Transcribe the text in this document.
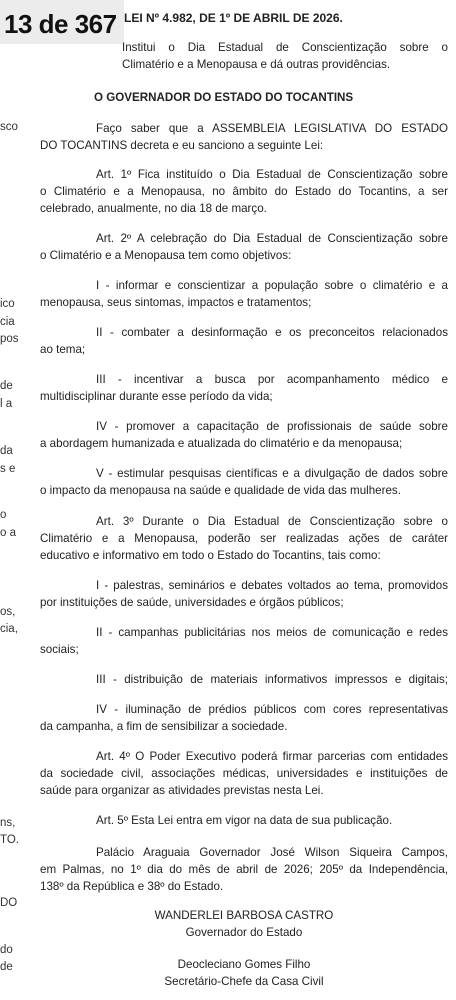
13 de 367 LEI Nº 4.982, DE 1º DE ABRIL DE 2026.
sco
ico
cia
pos
de
l a
da
s e
o
o a
os,
cia,
ns,
TO.
DO
do
de
Institui o Dia Estadual de Conscientização sobre o
Climatério e a Menopausa e dá outras providências.
O GOVERNADOR DO ESTADO DO TOCANTINS
Faço saber que a ASSEMBLEIA LEGISLATIVA DO ESTADO
DO TOCANTINS decreta e eu sanciono a seguinte Lei:
Art. 1º Fica instituído o Dia Estadual de Conscientização sobre
o Climatério e a Menopausa, no âmbito do Estado do Tocantins, a ser
celebrado, anualmente, no dia 18 de março.
Art. 2º A celebração do Dia Estadual de Conscientização sobre
o Climatério e a Menopausa tem como objetivos:
I - informar e conscientizar a população sobre o climatério e a
menopausa, seus sintomas, impactos e tratamentos;
II - combater a desinformação e os preconceitos relacionados
ao tema;
III - incentivar a busca por acompanhamento médico e
multidisciplinar durante esse período da vida;
IV - promover a capacitação de profissionais de saúde sobre
a abordagem humanizada e atualizada do climatério e da menopausa;
V - estimular pesquisas científicas e a divulgação de dados sobre
o impacto da menopausa na saúde e qualidade de vida das mulheres.
Art. 3º Durante o Dia Estadual de Conscientização sobre o
Climatério e a Menopausa, poderão ser realizadas ações de caráter
educativo e informativo em todo o Estado do Tocantins, tais como:
I - palestras, seminários e debates voltados ao tema, promovidos
por instituições de saúde, universidades e órgãos públicos;
II - campanhas publicitárias nos meios de comunicação e redes
sociais;
III - distribuição de materiais informativos impressos e digitais;
IV - iluminação de prédios públicos com cores representativas
da campanha, a fim de sensibilizar a sociedade.
Art. 4º O Poder Executivo poderá firmar parcerias com entidades
da sociedade civil, associações médicas, universidades e instituições de
saúde para organizar as atividades previstas nesta Lei.
Art. 5º Esta Lei entra em vigor na data de sua publicação.
Palácio Araguaia Governador José Wilson Siqueira Campos,
em Palmas, no 1º dia do mês de abril de 2026; 205º da Independência,
138º da República e 38º do Estado.
WANDERLEI BARBOSA CASTRO
Governador do Estado
Deocleciano Gomes Filho
Secretário-Chefe da Casa Civil
